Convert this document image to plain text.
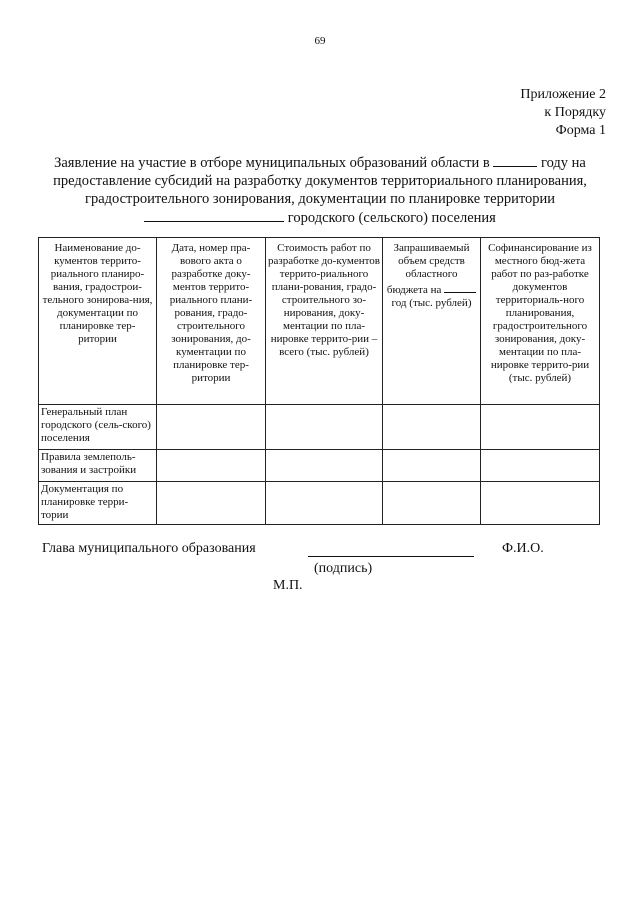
69
Приложение 2
к Порядку
Форма 1
Заявление на участие в отборе муниципальных образований области в	году на предоставление субсидий на разработку документов территориального планирования, градостроительного зонирования, документации по планировке территории
городского (сельского) поселения
Наименование до-кументов террито-риального планиро-вания, градострои-тельного зонирова-ния, документации по планировке тер-ритории	Дата, номер пра-вового акта о разработке доку-ментов террито-риального плани-рования, градо-строительного зонирования, до-кументации по планировке тер-ритории	Стоимость работ по разработке до-кументов террито-риального плани-рования, градо-строительного зо-нирования, доку-ментации по пла-нировке террито-рии – всего (тыс. рублей)	Запрашиваемый объем средств областного бюджета на  год (тыс. рублей)	Софинансирование из местного бюд-жета работ по раз-работке документов территориаль-ного планирования, градостроительного зонирования, доку-ментации по пла-нировке террито-рии (тыс. рублей)
Генеральный план городского (сель-ского) поселения				
Правила землеполь-зования и застройки				
Документация по планировке терри-тории				
Глава муниципального образования	Ф.И.О.
(подпись)
М.П.
